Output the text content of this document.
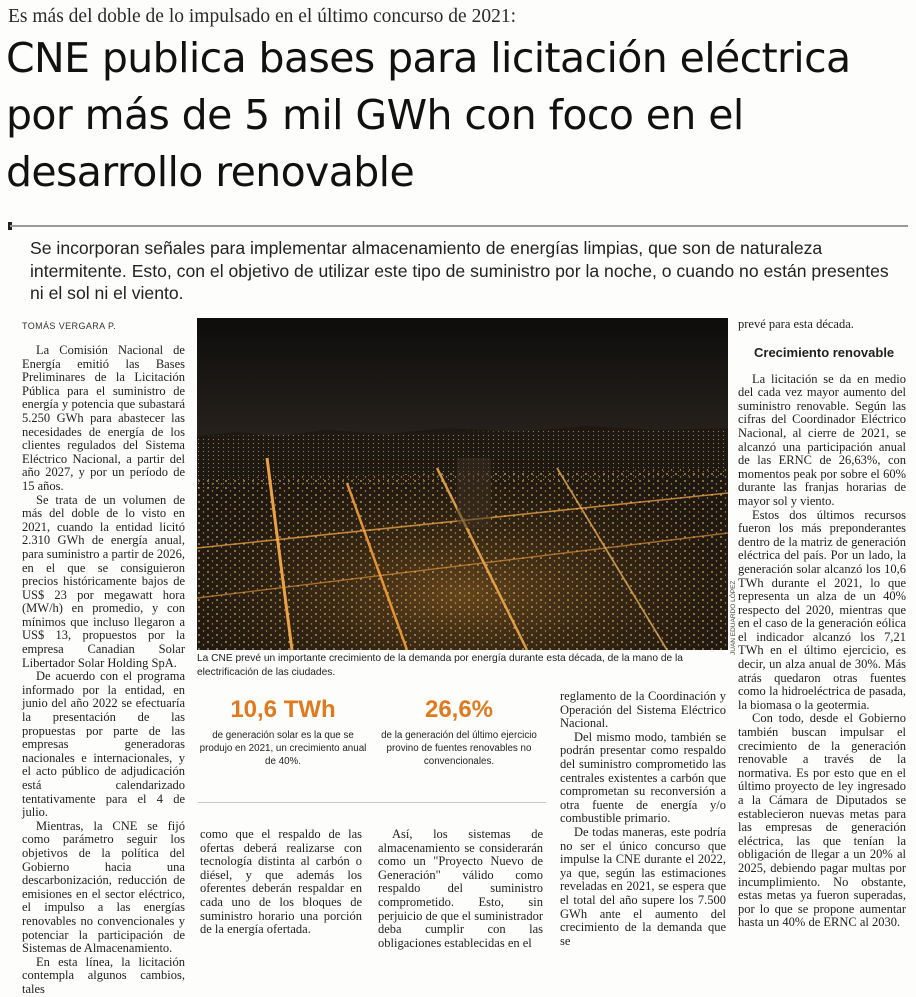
Es más del doble de lo impulsado en el último concurso de 2021:
CNE publica bases para licitación eléctrica por más de 5 mil GWh con foco en el desarrollo renovable
Se incorporan señales para implementar almacenamiento de energías limpias, que son de naturaleza intermitente. Esto, con el objetivo de utilizar este tipo de suministro por la noche, o cuando no están presentes ni el sol ni el viento.
TOMÁS VERGARA P.

La Comisión Nacional de Energía emitió las Bases Preliminares de la Licitación Pública para el suministro de energía y potencia que subastará 5.250 GWh para abastecer las necesidades de energía de los clientes regulados del Sistema Eléctrico Nacional, a partir del año 2027, y por un período de 15 años.

Se trata de un volumen de más del doble de lo visto en 2021, cuando la entidad licitó 2.310 GWh de energía anual, para suministro a partir de 2026, en el que se consiguieron precios históricamente bajos de US$ 23 por megawatt hora (MW/h) en promedio, y con mínimos que incluso llegaron a US$ 13, propuestos por la empresa Canadian Solar Libertador Solar Holding SpA.

De acuerdo con el programa informado por la entidad, en junio del año 2022 se efectuaría la presentación de las propuestas por parte de las empresas generadoras nacionales e internacionales, y el acto público de adjudicación está calendarizado tentativamente para el 4 de julio.

Mientras, la CNE se fijó como parámetro seguir los objetivos de la política del Gobierno hacia una descarbonización, reducción de emisiones en el sector eléctrico, el impulso a las energías renovables no convencionales y potenciar la participación de Sistemas de Almacenamiento.

En esta línea, la licitación contempla algunos cambios, tales

JUAN EDUARDO LÓPEZ
La CNE prevé un importante crecimiento de la demanda por energía durante esta década, de la mano de la electrificación de las ciudades.
10,6 TWh
de generación solar es la que se produjo en 2021, un crecimiento anual de 40%.
26,6%
de la generación del último ejercicio provino de fuentes renovables no convencionales.

como que el respaldo de las ofertas deberá realizarse con tecnología distinta al carbón o diésel, y que además los oferentes deberán respaldar en cada uno de los bloques de suministro horario una porción de la energía ofertada.

Así, los sistemas de almacenamiento se considerarán como un "Proyecto Nuevo de Generación" válido como respaldo del suministro comprometido. Esto, sin perjuicio de que el suministrador deba cumplir con las obligaciones establecidas en el

reglamento de la Coordinación y Operación del Sistema Eléctrico Nacional.

Del mismo modo, también se podrán presentar como respaldo del suministro comprometido las centrales existentes a carbón que comprometan su reconversión a otra fuente de energía y/o combustible primario.

De todas maneras, este podría no ser el único concurso que impulse la CNE durante el 2022, ya que, según las estimaciones reveladas en 2021, se espera que el total del año supere los 7.500 GWh ante el aumento del crecimiento de la demanda que se

prevé para esta década.

Crecimiento renovable

La licitación se da en medio del cada vez mayor aumento del suministro renovable. Según las cifras del Coordinador Eléctrico Nacional, al cierre de 2021, se alcanzó una participación anual de las ERNC de 26,63%, con momentos peak por sobre el 60% durante las franjas horarias de mayor sol y viento.

Estos dos últimos recursos fueron los más preponderantes dentro de la matriz de generación eléctrica del país. Por un lado, la generación solar alcanzó los 10,6 TWh durante el 2021, lo que representa un alza de un 40% respecto del 2020, mientras que en el caso de la generación eólica el indicador alcanzó los 7,21 TWh en el último ejercicio, es decir, un alza anual de 30%. Más atrás quedaron otras fuentes como la hidroeléctrica de pasada, la biomasa o la geotermia.

Con todo, desde el Gobierno también buscan impulsar el crecimiento de la generación renovable a través de la normativa. Es por esto que en el último proyecto de ley ingresado a la Cámara de Diputados se establecieron nuevas metas para las empresas de generación eléctrica, las que tenían la obligación de llegar a un 20% al 2025, debiendo pagar multas por incumplimiento. No obstante, estas metas ya fueron superadas, por lo que se propone aumentar hasta un 40% de ERNC al 2030.
